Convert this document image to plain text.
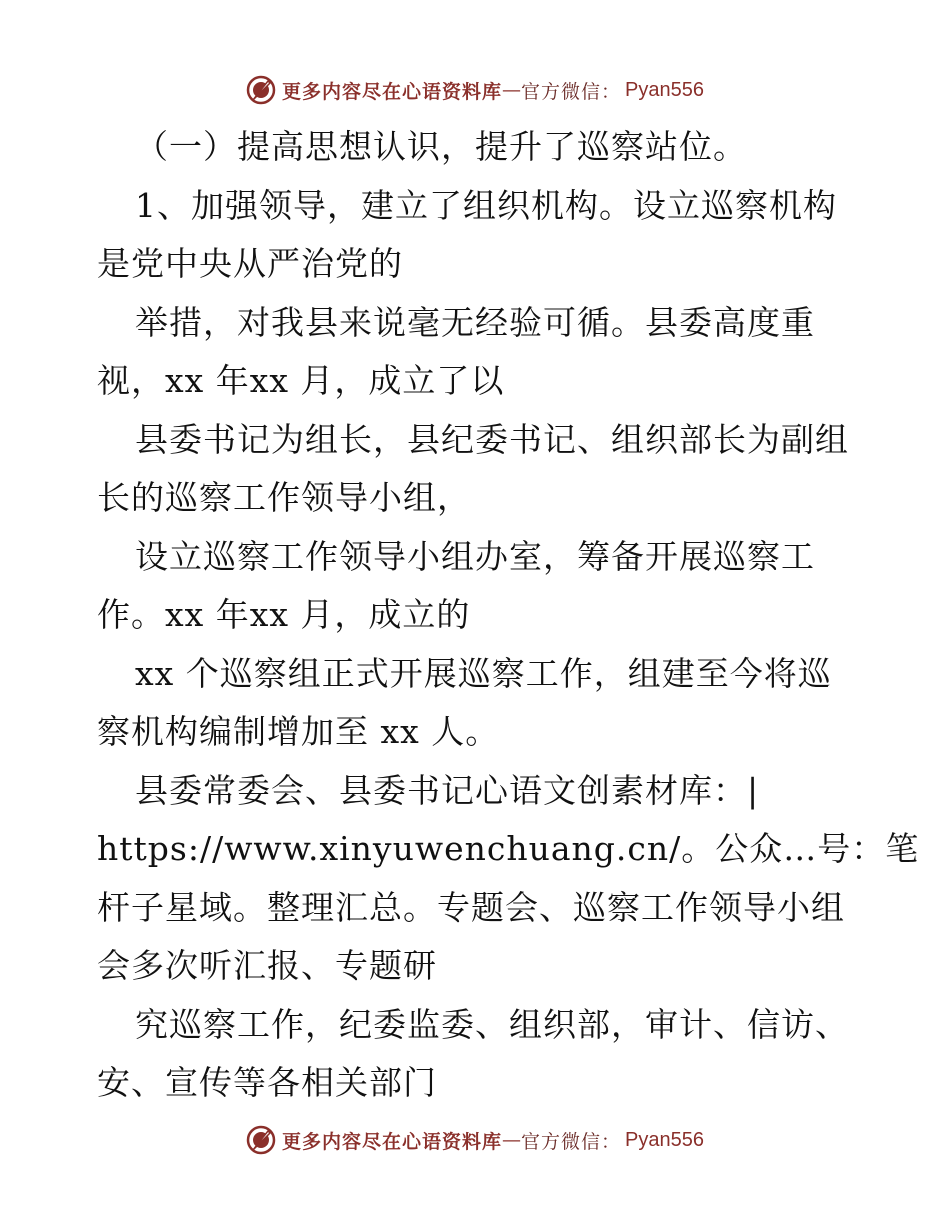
更多内容尽在心语资料库 — 官方微信： Pyan556
（一）提高思想认识，提升了巡察站位。
1、加强领导，建立了组织机构。设立巡察机构
是党中央从严治党的
举措，对我县来说毫无经验可循。县委高度重
视，xx 年xx 月，成立了以
县委书记为组长，县纪委书记、组织部长为副组
长的巡察工作领导小组，
设立巡察工作领导小组办室，筹备开展巡察工
作。xx 年xx 月，成立的
xx 个巡察组正式开展巡察工作，组建至今将巡
察机构编制增加至 xx 人。
县委常委会、县委书记心语文创素材库：|
https://www.xinyuwenchuang.cn/。公众…号：笔
杆子星域。整理汇总。专题会、巡察工作领导小组
会多次听汇报、专题研
究巡察工作，纪委监委、组织部，审计、信访、
安、宣传等各相关部门
更多内容尽在心语资料库 — 官方微信： Pyan556
